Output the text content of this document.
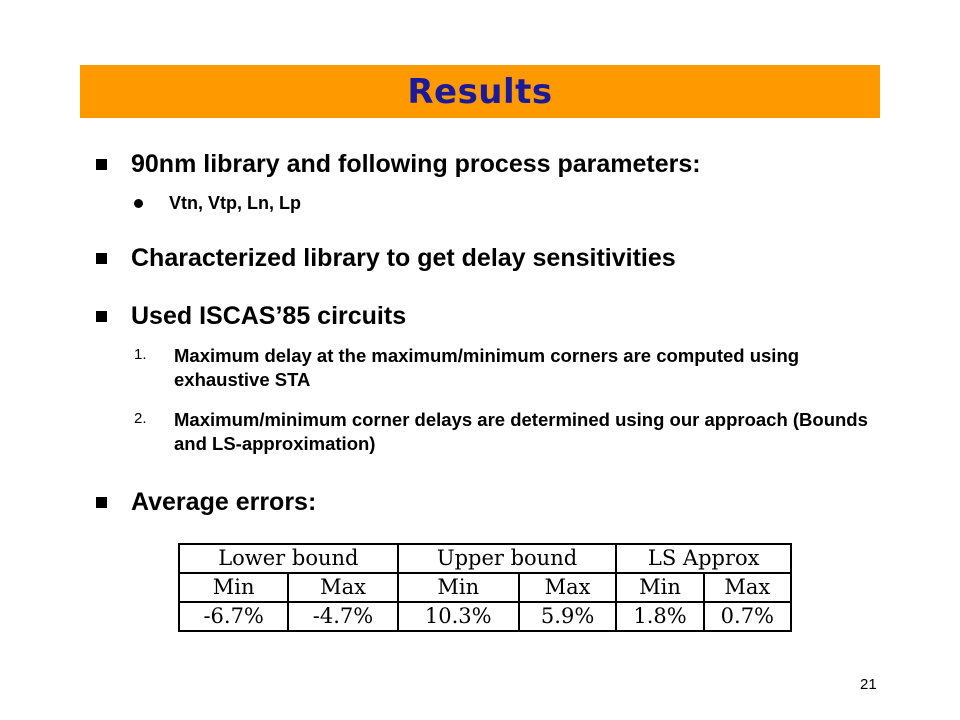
Results
90nm library and following process parameters:
Vtn, Vtp, Ln, Lp
Characterized library to get delay sensitivities
Used ISCAS’85 circuits
1.	Maximum delay at the maximum/minimum corners are computed using exhaustive STA
2.	Maximum/minimum corner delays are determined using our approach (Bounds and LS-approximation)
Average errors:
Lower bound		Upper bound		LS Approx	
Min	Max	Min	Max	Min	Max
-6.7%	-4.7%	10.3%	5.9%	1.8%	0.7%
21
